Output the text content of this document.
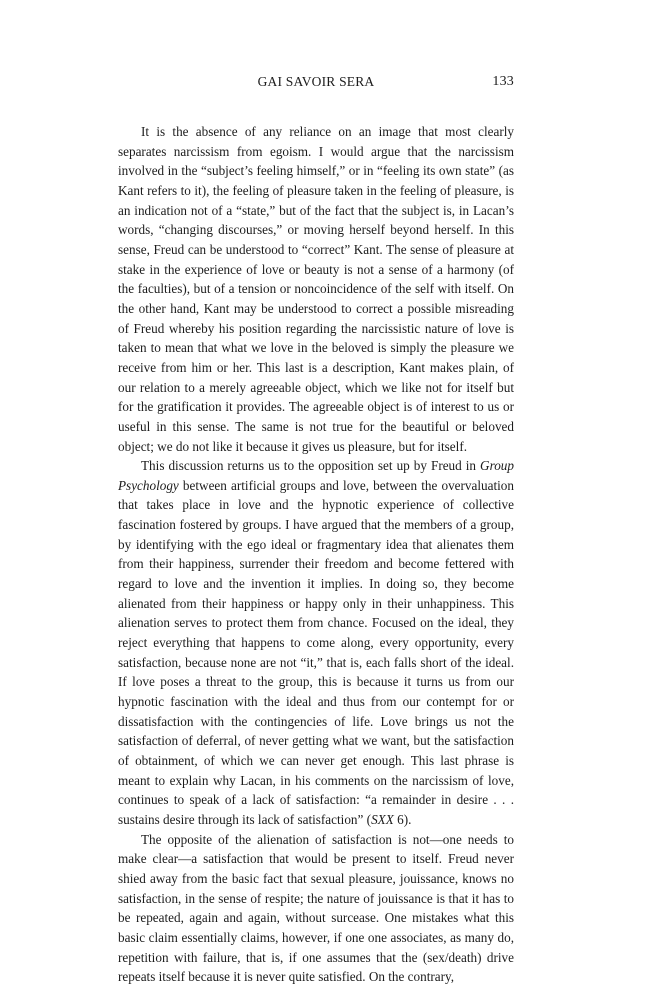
GAI SAVOIR SERA	133

It is the absence of any reliance on an image that most clearly separates narcissism from egoism. I would argue that the narcissism involved in the “subject’s feeling himself,” or in “feeling its own state” (as Kant refers to it), the feeling of pleasure taken in the feeling of pleasure, is an indication not of a “state,” but of the fact that the subject is, in Lacan’s words, “changing discourses,” or moving herself beyond herself. In this sense, Freud can be understood to “correct” Kant. The sense of pleasure at stake in the experience of love or beauty is not a sense of a harmony (of the faculties), but of a tension or noncoincidence of the self with itself. On the other hand, Kant may be understood to correct a possible misreading of Freud whereby his position regarding the narcissistic nature of love is taken to mean that what we love in the beloved is simply the pleasure we receive from him or her. This last is a description, Kant makes plain, of our relation to a merely agreeable object, which we like not for itself but for the gratification it provides. The agreeable object is of interest to us or useful in this sense. The same is not true for the beautiful or beloved object; we do not like it because it gives us pleasure, but for itself.

This discussion returns us to the opposition set up by Freud in Group Psychology between artificial groups and love, between the overvaluation that takes place in love and the hypnotic experience of collective fascination fostered by groups. I have argued that the members of a group, by identifying with the ego ideal or fragmentary idea that alienates them from their happiness, surrender their freedom and become fettered with regard to love and the invention it implies. In doing so, they become alienated from their happiness or happy only in their unhappiness. This alienation serves to protect them from chance. Focused on the ideal, they reject everything that happens to come along, every opportunity, every satisfaction, because none are not “it,” that is, each falls short of the ideal. If love poses a threat to the group, this is because it turns us from our hypnotic fascination with the ideal and thus from our contempt for or dissatisfaction with the contingencies of life. Love brings us not the satisfaction of deferral, of never getting what we want, but the satisfaction of obtainment, of which we can never get enough. This last phrase is meant to explain why Lacan, in his comments on the narcissism of love, continues to speak of a lack of satisfaction: “a remainder in desire . . . sustains desire through its lack of satisfaction” (SXX 6).

The opposite of the alienation of satisfaction is not—one needs to make clear—a satisfaction that would be present to itself. Freud never shied away from the basic fact that sexual pleasure, jouissance, knows no satisfaction, in the sense of respite; the nature of jouissance is that it has to be repeated, again and again, without surcease. One mistakes what this basic claim essentially claims, however, if one one associates, as many do, repetition with failure, that is, if one assumes that the (sex/death) drive repeats itself because it is never quite satisfied. On the contrary,
